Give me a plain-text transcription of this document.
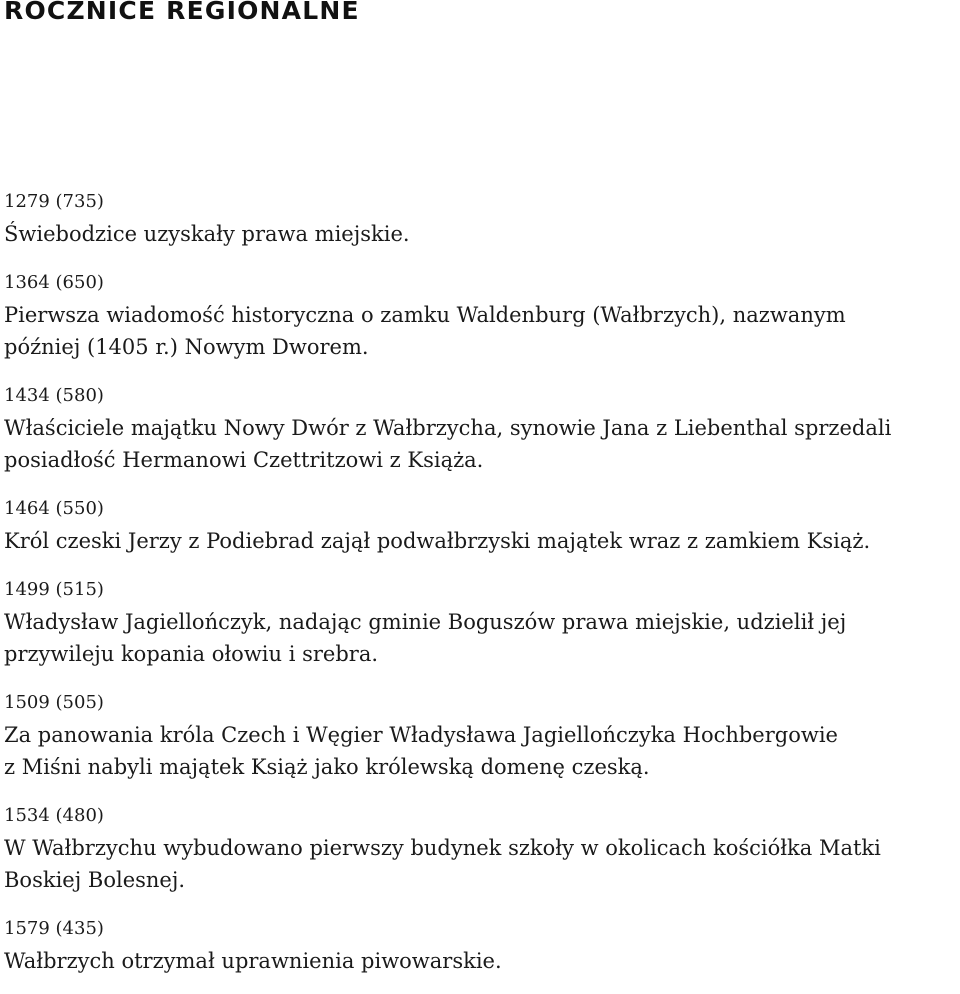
ROCZNICE REGIONALNE
1279 (735)
Świebodzice uzyskały prawa miejskie.
1364 (650)
Pierwsza wiadomość historyczna o zamku Waldenburg (Wałbrzych), nazwanym
później (1405 r.) Nowym Dworem.
1434 (580)
Właściciele majątku Nowy Dwór z Wałbrzycha, synowie Jana z Liebenthal sprzedali
posiadłość Hermanowi Czettritzowi z Książa.
1464 (550)
Król czeski Jerzy z Podiebrad zajął podwałbrzyski majątek wraz z zamkiem Książ.
1499 (515)
Władysław Jagiellończyk, nadając gminie Boguszów prawa miejskie, udzielił jej
przywileju kopania ołowiu i srebra.
1509 (505)
Za panowania króla Czech i Węgier Władysława Jagiellończyka Hochbergowie
z Miśni nabyli majątek Książ jako królewską domenę czeską.
1534 (480)
W Wałbrzychu wybudowano pierwszy budynek szkoły w okolicach kościółka Matki
Boskiej Bolesnej.
1579 (435)
Wałbrzych otrzymał uprawnienia piwowarskie.
